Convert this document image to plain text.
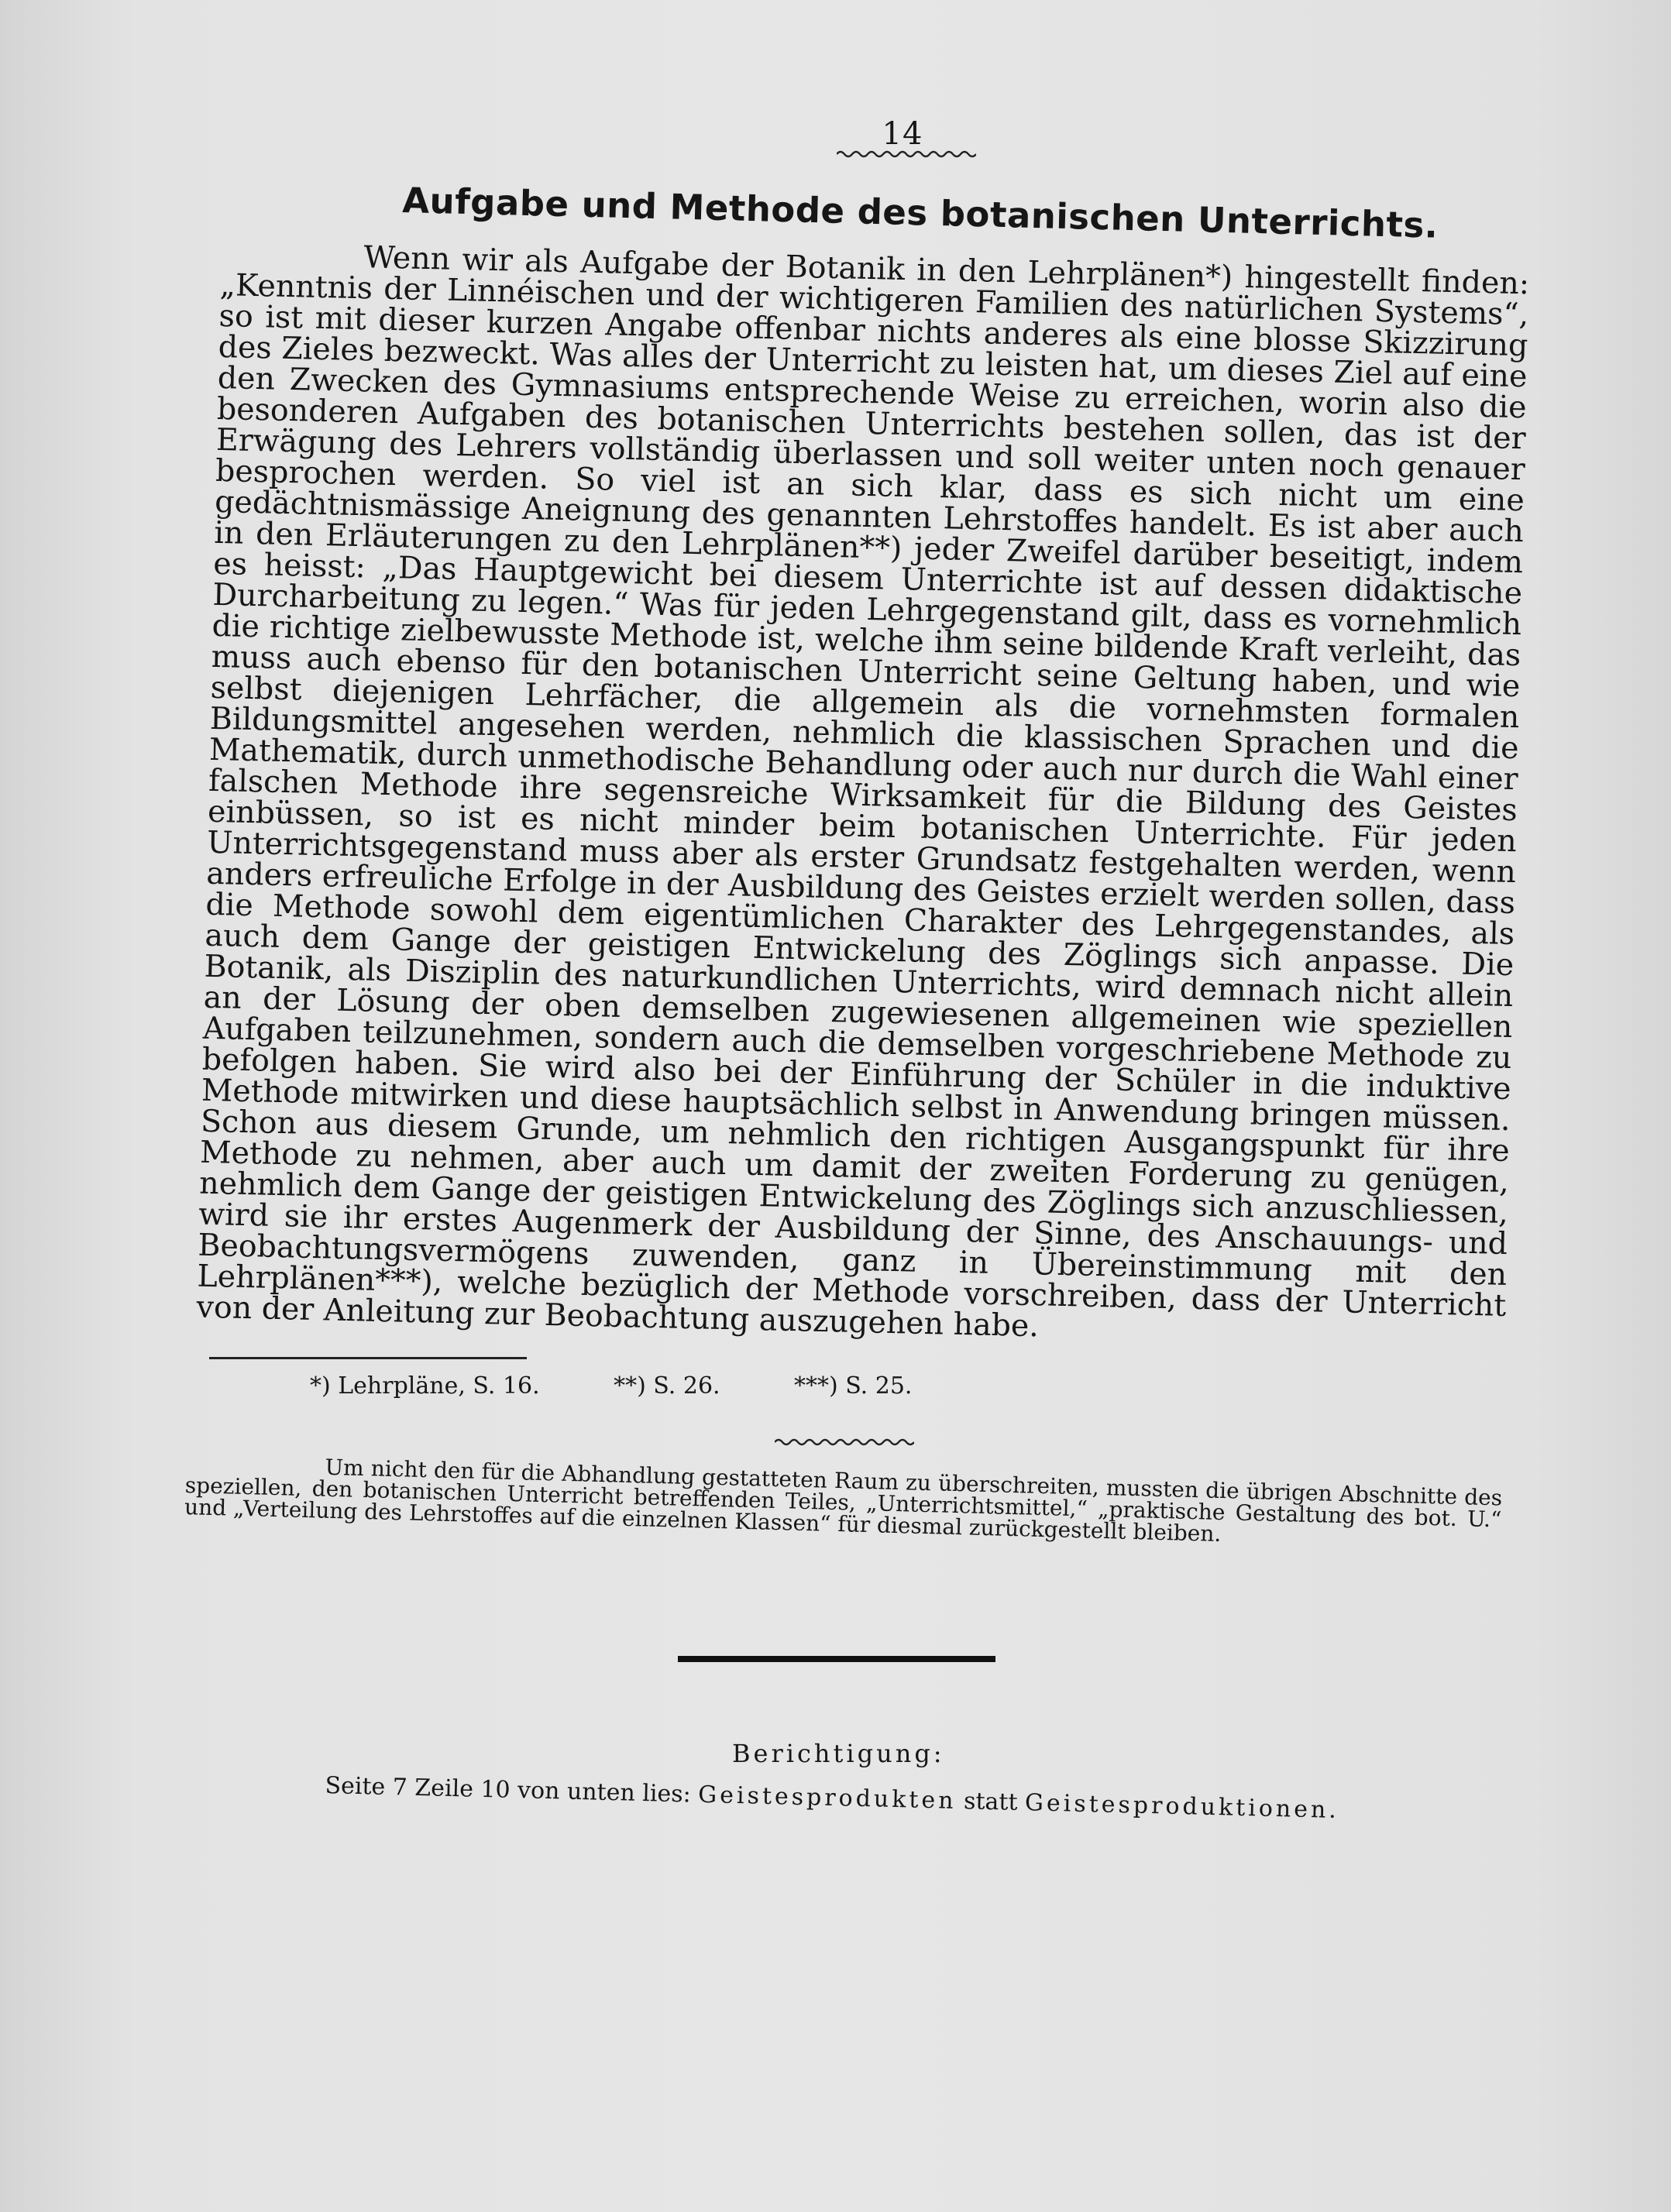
14
Aufgabe und Methode des botanischen Unterrichts.

Wenn wir als Aufgabe der Botanik in den Lehrplänen*) hingestellt finden: „Kenntnis der Linnéischen und der wichtigeren Familien des natürlichen Systems“, so ist mit dieser kurzen Angabe offenbar nichts anderes als eine blosse Skizzirung des Zieles bezweckt. Was alles der Unterricht zu leisten hat, um dieses Ziel auf eine den Zwecken des Gymnasiums entsprechende Weise zu erreichen, worin also die besonderen Aufgaben des botanischen Unterrichts bestehen sollen, das ist der Erwägung des Lehrers vollständig überlassen und soll weiter unten noch genauer besprochen werden. So viel ist an sich klar, dass es sich nicht um eine gedächtnismässige Aneignung des genannten Lehrstoffes handelt. Es ist aber auch in den Erläuterungen zu den Lehrplänen**) jeder Zweifel darüber beseitigt, indem es heisst: „Das Hauptgewicht bei diesem Unterrichte ist auf dessen didaktische Durcharbeitung zu legen.“ Was für jeden Lehrgegenstand gilt, dass es vornehmlich die richtige zielbewusste Methode ist, welche ihm seine bildende Kraft verleiht, das muss auch ebenso für den botanischen Unterricht seine Geltung haben, und wie selbst diejenigen Lehrfächer, die allgemein als die vornehmsten formalen Bildungsmittel angesehen werden, nehmlich die klassischen Sprachen und die Mathematik, durch unmethodische Behandlung oder auch nur durch die Wahl einer falschen Methode ihre segensreiche Wirksamkeit für die Bildung des Geistes einbüssen, so ist es nicht minder beim botanischen Unterrichte. Für jeden Unterrichtsgegenstand muss aber als erster Grundsatz festgehalten werden, wenn anders erfreuliche Erfolge in der Ausbildung des Geistes erzielt werden sollen, dass die Methode sowohl dem eigentümlichen Charakter des Lehrgegenstandes, als auch dem Gange der geistigen Entwickelung des Zöglings sich anpasse. Die Botanik, als Disziplin des naturkundlichen Unterrichts, wird demnach nicht allein an der Lösung der oben demselben zugewiesenen allgemeinen wie speziellen Aufgaben teilzunehmen, sondern auch die demselben vorgeschriebene Methode zu befolgen haben. Sie wird also bei der Einführung der Schüler in die induktive Methode mitwirken und diese hauptsächlich selbst in Anwendung bringen müssen. Schon aus diesem Grunde, um nehmlich den richtigen Ausgangspunkt für ihre Methode zu nehmen, aber auch um damit der zweiten Forderung zu genügen, nehmlich dem Gange der geistigen Entwickelung des Zöglings sich anzuschliessen, wird sie ihr erstes Augenmerk der Ausbildung der Sinne, des Anschauungs- und Beobachtungsvermögens zuwenden, ganz in Übereinstimmung mit den Lehrplänen***), welche bezüglich der Methode vorschreiben, dass der Unterricht von der Anleitung zur Beobachtung auszugehen habe.

*) Lehrpläne, S. 16.	**) S. 26.	***) S. 25.

Um nicht den für die Abhandlung gestatteten Raum zu überschreiten, mussten die übrigen Abschnitte des speziellen, den botanischen Unterricht betreffenden Teiles, „Unterrichtsmittel,“ „praktische Gestaltung des bot. U.“ und „Verteilung des Lehrstoffes auf die einzelnen Klassen“ für diesmal zurückgestellt bleiben.

Berichtigung:
Seite 7 Zeile 10 von unten lies: Geistesprodukten statt Geistesproduktionen.
